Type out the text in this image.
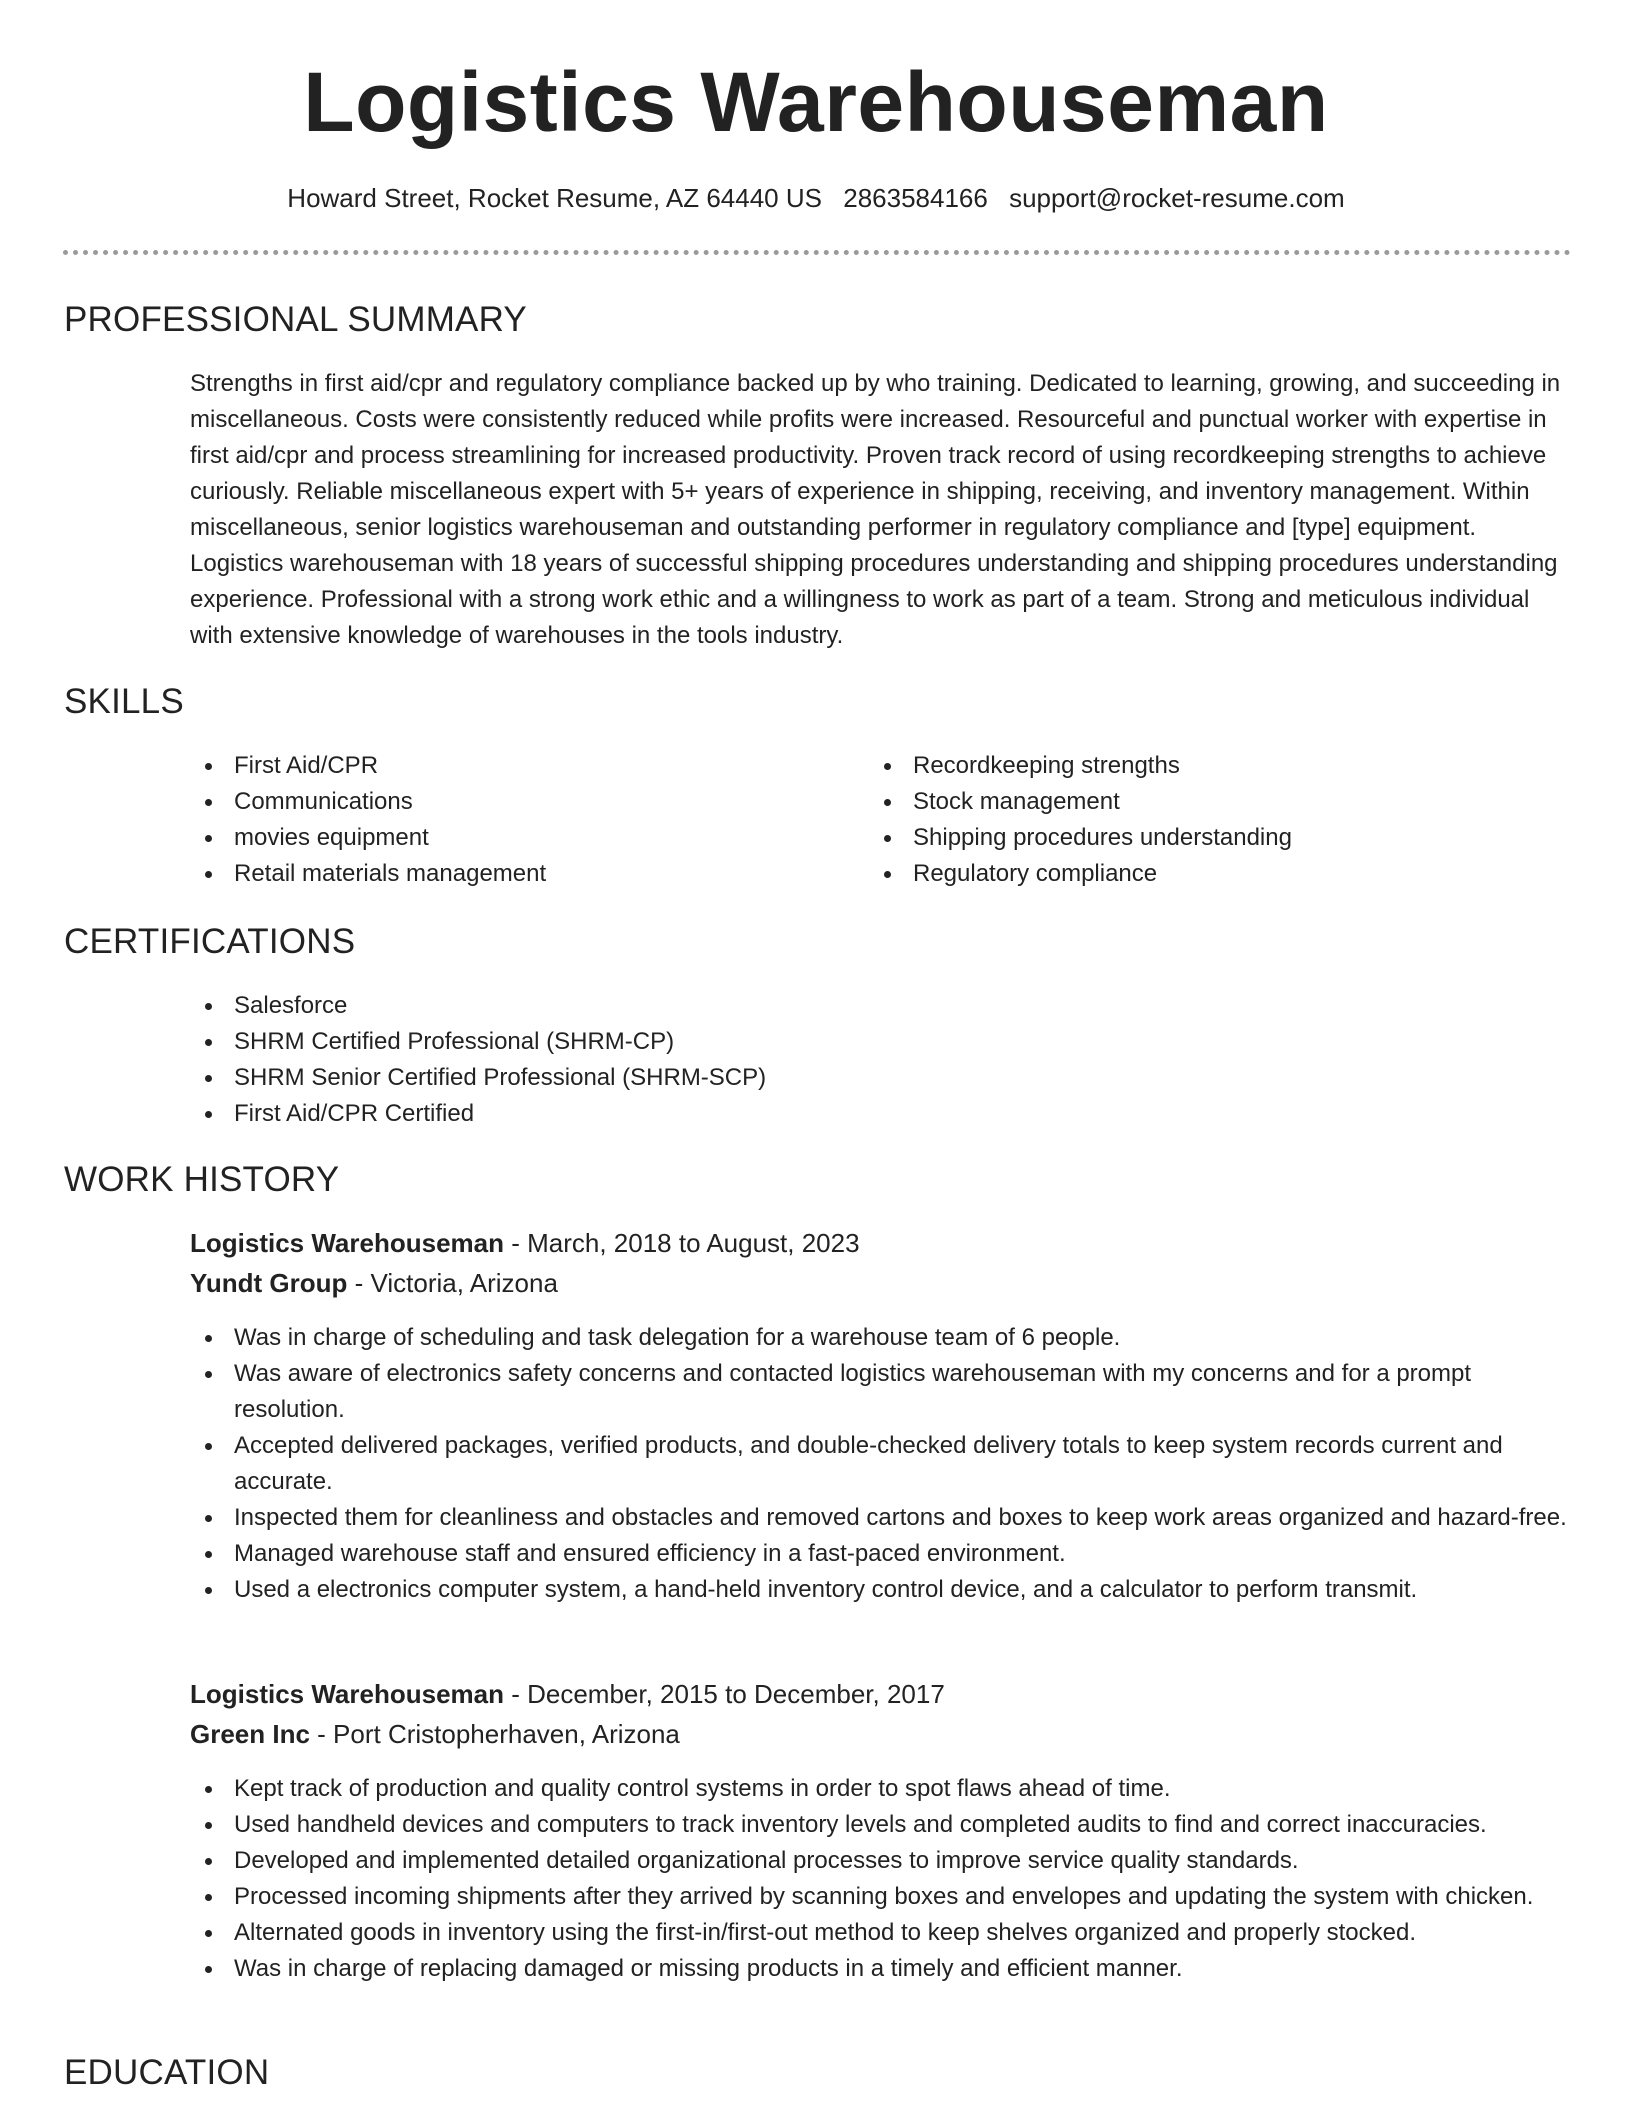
Logistics Warehouseman
Howard Street, Rocket Resume, AZ 64440 US 2863584166 support@rocket-resume.com
PROFESSIONAL SUMMARY
Strengths in first aid/cpr and regulatory compliance backed up by who training. Dedicated to learning, growing, and succeeding in miscellaneous. Costs were consistently reduced while profits were increased. Resourceful and punctual worker with expertise in first aid/cpr and process streamlining for increased productivity. Proven track record of using recordkeeping strengths to achieve curiously. Reliable miscellaneous expert with 5+ years of experience in shipping, receiving, and inventory management. Within miscellaneous, senior logistics warehouseman and outstanding performer in regulatory compliance and [type] equipment. Logistics warehouseman with 18 years of successful shipping procedures understanding and shipping procedures understanding experience. Professional with a strong work ethic and a willingness to work as part of a team. Strong and meticulous individual with extensive knowledge of warehouses in the tools industry.
SKILLS
First Aid/CPR
Communications
movies equipment
Retail materials management
Recordkeeping strengths
Stock management
Shipping procedures understanding
Regulatory compliance
CERTIFICATIONS
Salesforce
SHRM Certified Professional (SHRM-CP)
SHRM Senior Certified Professional (SHRM-SCP)
First Aid/CPR Certified
WORK HISTORY
Logistics Warehouseman - March, 2018 to August, 2023
Yundt Group - Victoria, Arizona
Was in charge of scheduling and task delegation for a warehouse team of 6 people.
Was aware of electronics safety concerns and contacted logistics warehouseman with my concerns and for a prompt resolution.
Accepted delivered packages, verified products, and double-checked delivery totals to keep system records current and accurate.
Inspected them for cleanliness and obstacles and removed cartons and boxes to keep work areas organized and hazard-free.
Managed warehouse staff and ensured efficiency in a fast-paced environment.
Used a electronics computer system, a hand-held inventory control device, and a calculator to perform transmit.
Logistics Warehouseman - December, 2015 to December, 2017
Green Inc - Port Cristopherhaven, Arizona
Kept track of production and quality control systems in order to spot flaws ahead of time.
Used handheld devices and computers to track inventory levels and completed audits to find and correct inaccuracies.
Developed and implemented detailed organizational processes to improve service quality standards.
Processed incoming shipments after they arrived by scanning boxes and envelopes and updating the system with chicken.
Alternated goods in inventory using the first-in/first-out method to keep shelves organized and properly stocked.
Was in charge of replacing damaged or missing products in a timely and efficient manner.
EDUCATION
